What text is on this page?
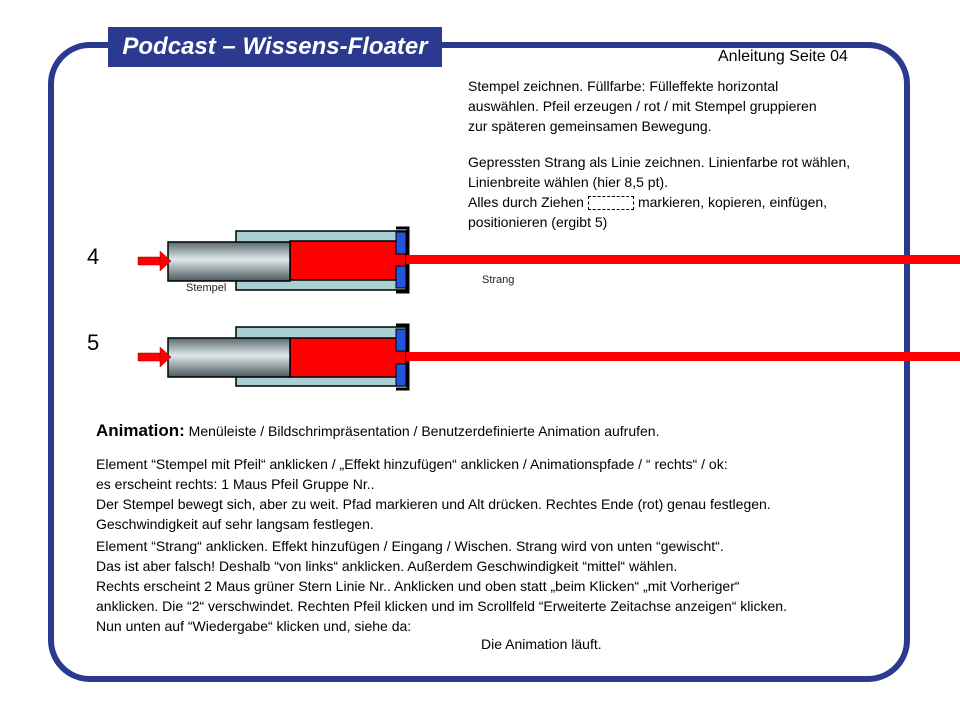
Podcast – Wissens-Floater	Anleitung Seite 04
Stempel zeichnen. Füllfarbe: Fülleffekte horizontal
auswählen. Pfeil erzeugen / rot / mit Stempel gruppieren
zur späteren gemeinsamen Bewegung.
Gepressten Strang als Linie zeichnen. Linienfarbe rot wählen,
Linienbreite wählen (hier 8,5 pt).
Alles durch Ziehen	markieren, kopieren, einfügen,
positionieren (ergibt 5)
4
5
Stempel
Strang
Animation: Menüleiste / Bildschrimpräsentation / Benutzerdefinierte Animation aufrufen.
Element “Stempel mit Pfeil“ anklicken / „Effekt hinzufügen“ anklicken / Animationspfade / “ rechts“ / ok:
es erscheint rechts: 1 Maus Pfeil Gruppe Nr..
Der Stempel bewegt sich, aber zu weit. Pfad markieren und Alt drücken. Rechtes Ende (rot) genau festlegen.
Geschwindigkeit auf sehr langsam festlegen.
Element “Strang“ anklicken. Effekt hinzufügen / Eingang / Wischen. Strang wird von unten “gewischt“.
Das ist aber falsch! Deshalb “von links“ anklicken. Außerdem Geschwindigkeit “mittel“ wählen.
Rechts erscheint 2 Maus grüner Stern Linie Nr.. Anklicken und oben statt „beim Klicken“ „mit Vorheriger“
anklicken. Die “2“ verschwindet. Rechten Pfeil klicken und im Scrollfeld “Erweiterte Zeitachse anzeigen“ klicken.
Nun unten auf “Wiedergabe“ klicken und, siehe da:
Die Animation läuft.
